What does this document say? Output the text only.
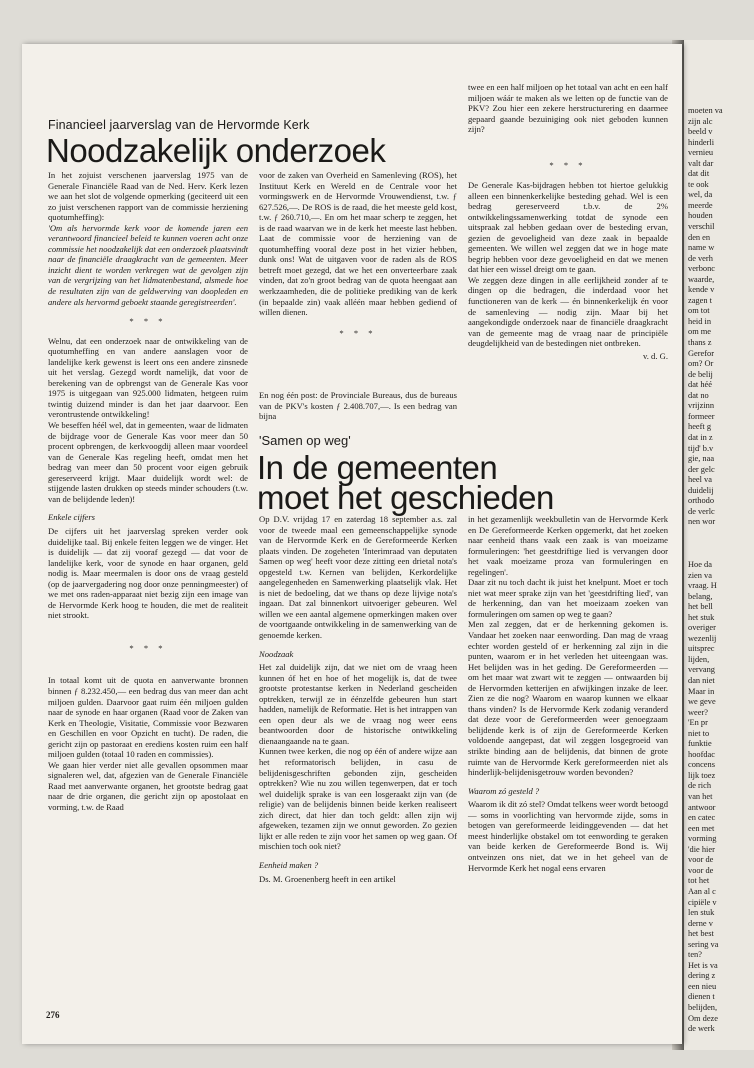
moeten va
zijn alc
beeld v
hinderli
vernieu
valt dar
dat dit
te ook
wel, da
meerde
houden
verschil
den en
name w
de verh
verbonc
waarde,
kende v
zagen t
om tot
heid in
om me
thans z
Gerefor
om? Or
de belij
dat héé
dat no
vrijzinn
formeer
heeft g
dat in z
tijd' b.v
gie, naa
der gelc
heel va
duidelij
orthodo
de verlc
nen wor
Hoe da
zien va
vraag. H
belang,
het bell
het stuk
overiger
wezenlij
uitsprec
lijden,
vervang
dan niet
Maar in
we geve
weer?
'En pr
niet to
funktie
hoofdac
concens
lijk toez
de rich
van het
antwoor
en catec
een met
vorming
'die hier
voor de
voor de
tot het
Aan al c
cipiële v
len stuk
derne v
het best
sering va
ten?
Het is va
dering z
een nieu
dienen t
belijden,
Om deze
de werk
Financieel jaarverslag van de Hervormde Kerk
Noodzakelijk onderzoek

In het zojuist verschenen jaarverslag 1975 van de Generale Financiële Raad van de Ned. Herv. Kerk lezen we aan het slot de volgende opmerking (geciteerd uit een zo juist verschenen rapport van de commissie herziening quotumheffing):

'Om als hervormde kerk voor de komende jaren een verantwoord financieel beleid te kunnen voeren acht onze commissie het noodzakelijk dat een onderzoek plaatsvindt naar de financiële draagkracht van de gemeenten. Meer inzicht dient te worden verkregen wat de gevolgen zijn van de vergrijzing van het lidmatenbestand, alsmede hoe de resultaten zijn van de geldwerving van doopleden en andere als hervormd geboekt staande geregistreerden'.

* * *

Welnu, dat een onderzoek naar de ontwikkeling van de quotumheffing en van andere aanslagen voor de landelijke kerk gewenst is leert ons een andere zinsnede uit het verslag. Gezegd wordt namelijk, dat voor de berekening van de opbrengst van de Generale Kas voor 1975 is uitgegaan van 925.000 lidmaten, hetgeen ruim twintig duizend minder is dan het jaar daarvoor. Een verontrustende ontwikkeling!

We beseffen héél wel, dat in gemeenten, waar de lidmaten de bijdrage voor de Generale Kas voor meer dan 50 procent opbrengen, de kerkvoogdij alleen maar voordeel van de Generale Kas regeling heeft, omdat men het bedrag van meer dan 50 procent voor eigen gebruik gereserveerd krijgt. Maar duidelijk wordt wel: de stijgende lasten drukken op steeds minder schouders (t.w. van de belijdende leden)!

Enkele cijfers

De cijfers uit het jaarverslag spreken verder ook duidelijke taal. Bij enkele feiten leggen we de vinger. Het is duidelijk — dat zij vooraf gezegd — dat voor de landelijke kerk, voor de synode en haar organen, geld nodig is. Maar meermalen is door ons de vraag gesteld (op de jaarvergadering nog door onze penningmeester) of we met ons raden-apparaat niet bezig zijn een image van de Hervormde Kerk hoog te houden, die met de realiteit niet strookt.

* * *

In totaal komt uit de quota en aanverwante bronnen binnen ƒ 8.232.450,— een bedrag dus van meer dan acht miljoen gulden. Daarvoor gaat ruim één miljoen gulden naar de synode en haar organen (Raad voor de Zaken van Kerk en Theologie, Visitatie, Commissie voor Bezwaren en Geschillen en voor Opzicht en tucht). De raden, die gericht zijn op pastoraat en erediens kosten ruim een half miljoen gulden (totaal 10 raden en commissies).

We gaan hier verder niet alle gevallen opsommen maar signaleren wel, dat, afgezien van de Generale Financiële Raad met aanverwante organen, het grootste bedrag gaat naar de drie organen, die gericht zijn op apostolaat en vorming, t.w. de Raad

voor de zaken van Overheid en Samenleving (ROS), het Instituut Kerk en Wereld en de Centrale voor het vormingswerk en de Hervormde Vrouwendienst, t.w. ƒ 627.526,—. De ROS is de raad, die het meeste geld kost, t.w. ƒ 260.710,—. En om het maar scherp te zeggen, het is de raad waarvan we in de kerk het meeste last hebben. Laat de commissie voor de herziening van de quotumheffing vooral deze post in het vizier hebben, dunk ons! Wat de uitgaven voor de raden als de ROS betreft moet gezegd, dat we het een onverteerbare zaak vinden, dat zo'n groot bedrag van de quota heengaat aan werkzaamheden, die de politieke prediking van de kerk (in bepaalde zin) vaak alléén maar hebben gediend of willen dienen.

* * *

En nog één post: de Provinciale Bureaus, dus de bureaus van de PKV's kosten ƒ 2.408.707,—. Is een bedrag van bijna

twee en een half miljoen op het totaal van acht en een half miljoen wáár te maken als we letten op de functie van de PKV? Zou hier een zekere herstructurering en daarmee gepaard gaande bezuiniging ook niet geboden kunnen zijn?

* * *

De Generale Kas-bijdragen hebben tot hiertoe gelukkig alleen een binnenkerkelijke besteding gehad. Wel is een bedrag gereserveerd t.b.v. de 2% ontwikkelingssamenwerking totdat de synode een uitspraak zal hebben gedaan over de besteding ervan, gezien de gevoeligheid van deze zaak in bepaalde gemeenten. We willen wel zeggen dat we in hoge mate begrip hebben voor deze gevoeligheid en dat we menen dat hier een wissel dreigt om te gaan.

We zeggen deze dingen in alle eerlijkheid zonder af te dingen op die bedragen, die inderdaad voor het functioneren van de kerk — én binnenkerkelijk én voor de samenleving — nodig zijn. Maar bij het aangekondigde onderzoek naar de financiële draagkracht van de gemeente mag de vraag naar de principiële deugdelijkheid van de bestedingen niet ontbreken.

v. d. G.
'Samen op weg'
In de gemeenten
moet het geschieden

Op D.V. vrijdag 17 en zaterdag 18 september a.s. zal voor de tweede maal een gemeenschappelijke synode van de Hervormde Kerk en de Gereformeerde Kerken plaats vinden. De zogeheten 'Interimraad van deputaten Samen op weg' heeft voor deze zitting een drietal nota's opgesteld t.w. Kernen van belijden, Kerkordelijke aangelegenheden en Samenwerking plaatselijk vlak. Het is niet de bedoeling, dat we thans op deze lijvige nota's ingaan. Dat zal binnenkort uitvoeriger gebeuren. Wel willen we een aantal algemene opmerkingen maken over de voortgaande ontwikkeling in de samenwerking van de genoemde kerken.

Noodzaak

Het zal duidelijk zijn, dat we niet om de vraag heen kunnen óf het en hoe of het mogelijk is, dat de twee grootste protestantse kerken in Nederland gescheiden optrekken, terwijl ze in éénzelfde gebeuren hun start hadden, namelijk de Reformatie. Het is het intrappen van een open deur als we de vraag nog weer eens beantwoorden door de historische ontwikkeling dienaangaande na te gaan.

Kunnen twee kerken, die nog op één of andere wijze aan het reformatorisch belijden, in casu de belijdenisgeschriften gebonden zijn, gescheiden optrekken? Wie nu zou willen tegenwerpen, dat er toch wel duidelijk sprake is van een losgeraakt zijn van (de religie) van de belijdenis binnen beide kerken realiseert zich direct, dat hier dan toch geldt: allen zijn wij afgeweken, tezamen zijn we onnut geworden. Zo gezien lijkt er alle reden te zijn voor het samen op weg gaan. Of mischien toch ook niet?

Eenheid maken ?

Ds. M. Groenenberg heeft in een artikel

in het gezamenlijk weekbulletin van de Hervormde Kerk en De Gereformeerde Kerken opgemerkt, dat het zoeken naar eenheid thans vaak een zaak is van moeizame formuleringen: 'het geestdriftige lied is vervangen door het vaak moeizame proza van formuleringen en regelingen'.

Daar zit nu toch dacht ik juist het knelpunt. Moet er toch niet wat meer sprake zijn van het 'geestdrifting lied', van de herkenning, dan van het moeizaam zoeken van formuleringen om samen op weg te gaan?

Men zal zeggen, dat er de herkenning gekomen is. Vandaar het zoeken naar eenwording. Dan mag de vraag echter worden gesteld of er herkenning zal zijn in die punten, waarom er in het verleden het uiteengaan was. Het belijden was in het geding. De Gereformeerden — om het maar wat zwart wit te zeggen — ontwaarden bij de Hervormden ketterijen en afwijkingen inzake de leer. Zien ze die nog? Waarom en waarop kunnen we elkaar thans vinden? Is de Hervormde Kerk zodanig veranderd dat deze voor de Gereformeerden weer genoegzaam belijdende kerk is of zijn de Gereformeerde Kerken voldoende aangepast, dat wil zeggen losgegroeid van strikte binding aan de belijdenis, dat binnen de grote ruimte van de Hervormde Kerk gereformeerden niet als hinderlijk-belijdenisgetrouw worden bevonden?

Waarom zó gesteld ?

Waarom ik dit zó stel? Omdat telkens weer wordt betoogd — soms in voorlichting van hervormde zijde, soms in betogen van gereformeerde leidinggevenden — dat het meest hinderlijke obstakel om tot eenwording te geraken van beide kerken de Gereformeerde Bond is. Wij ontveinzen ons niet, dat we in het geheel van de Hervormde Kerk het nogal eens ervaren

276
